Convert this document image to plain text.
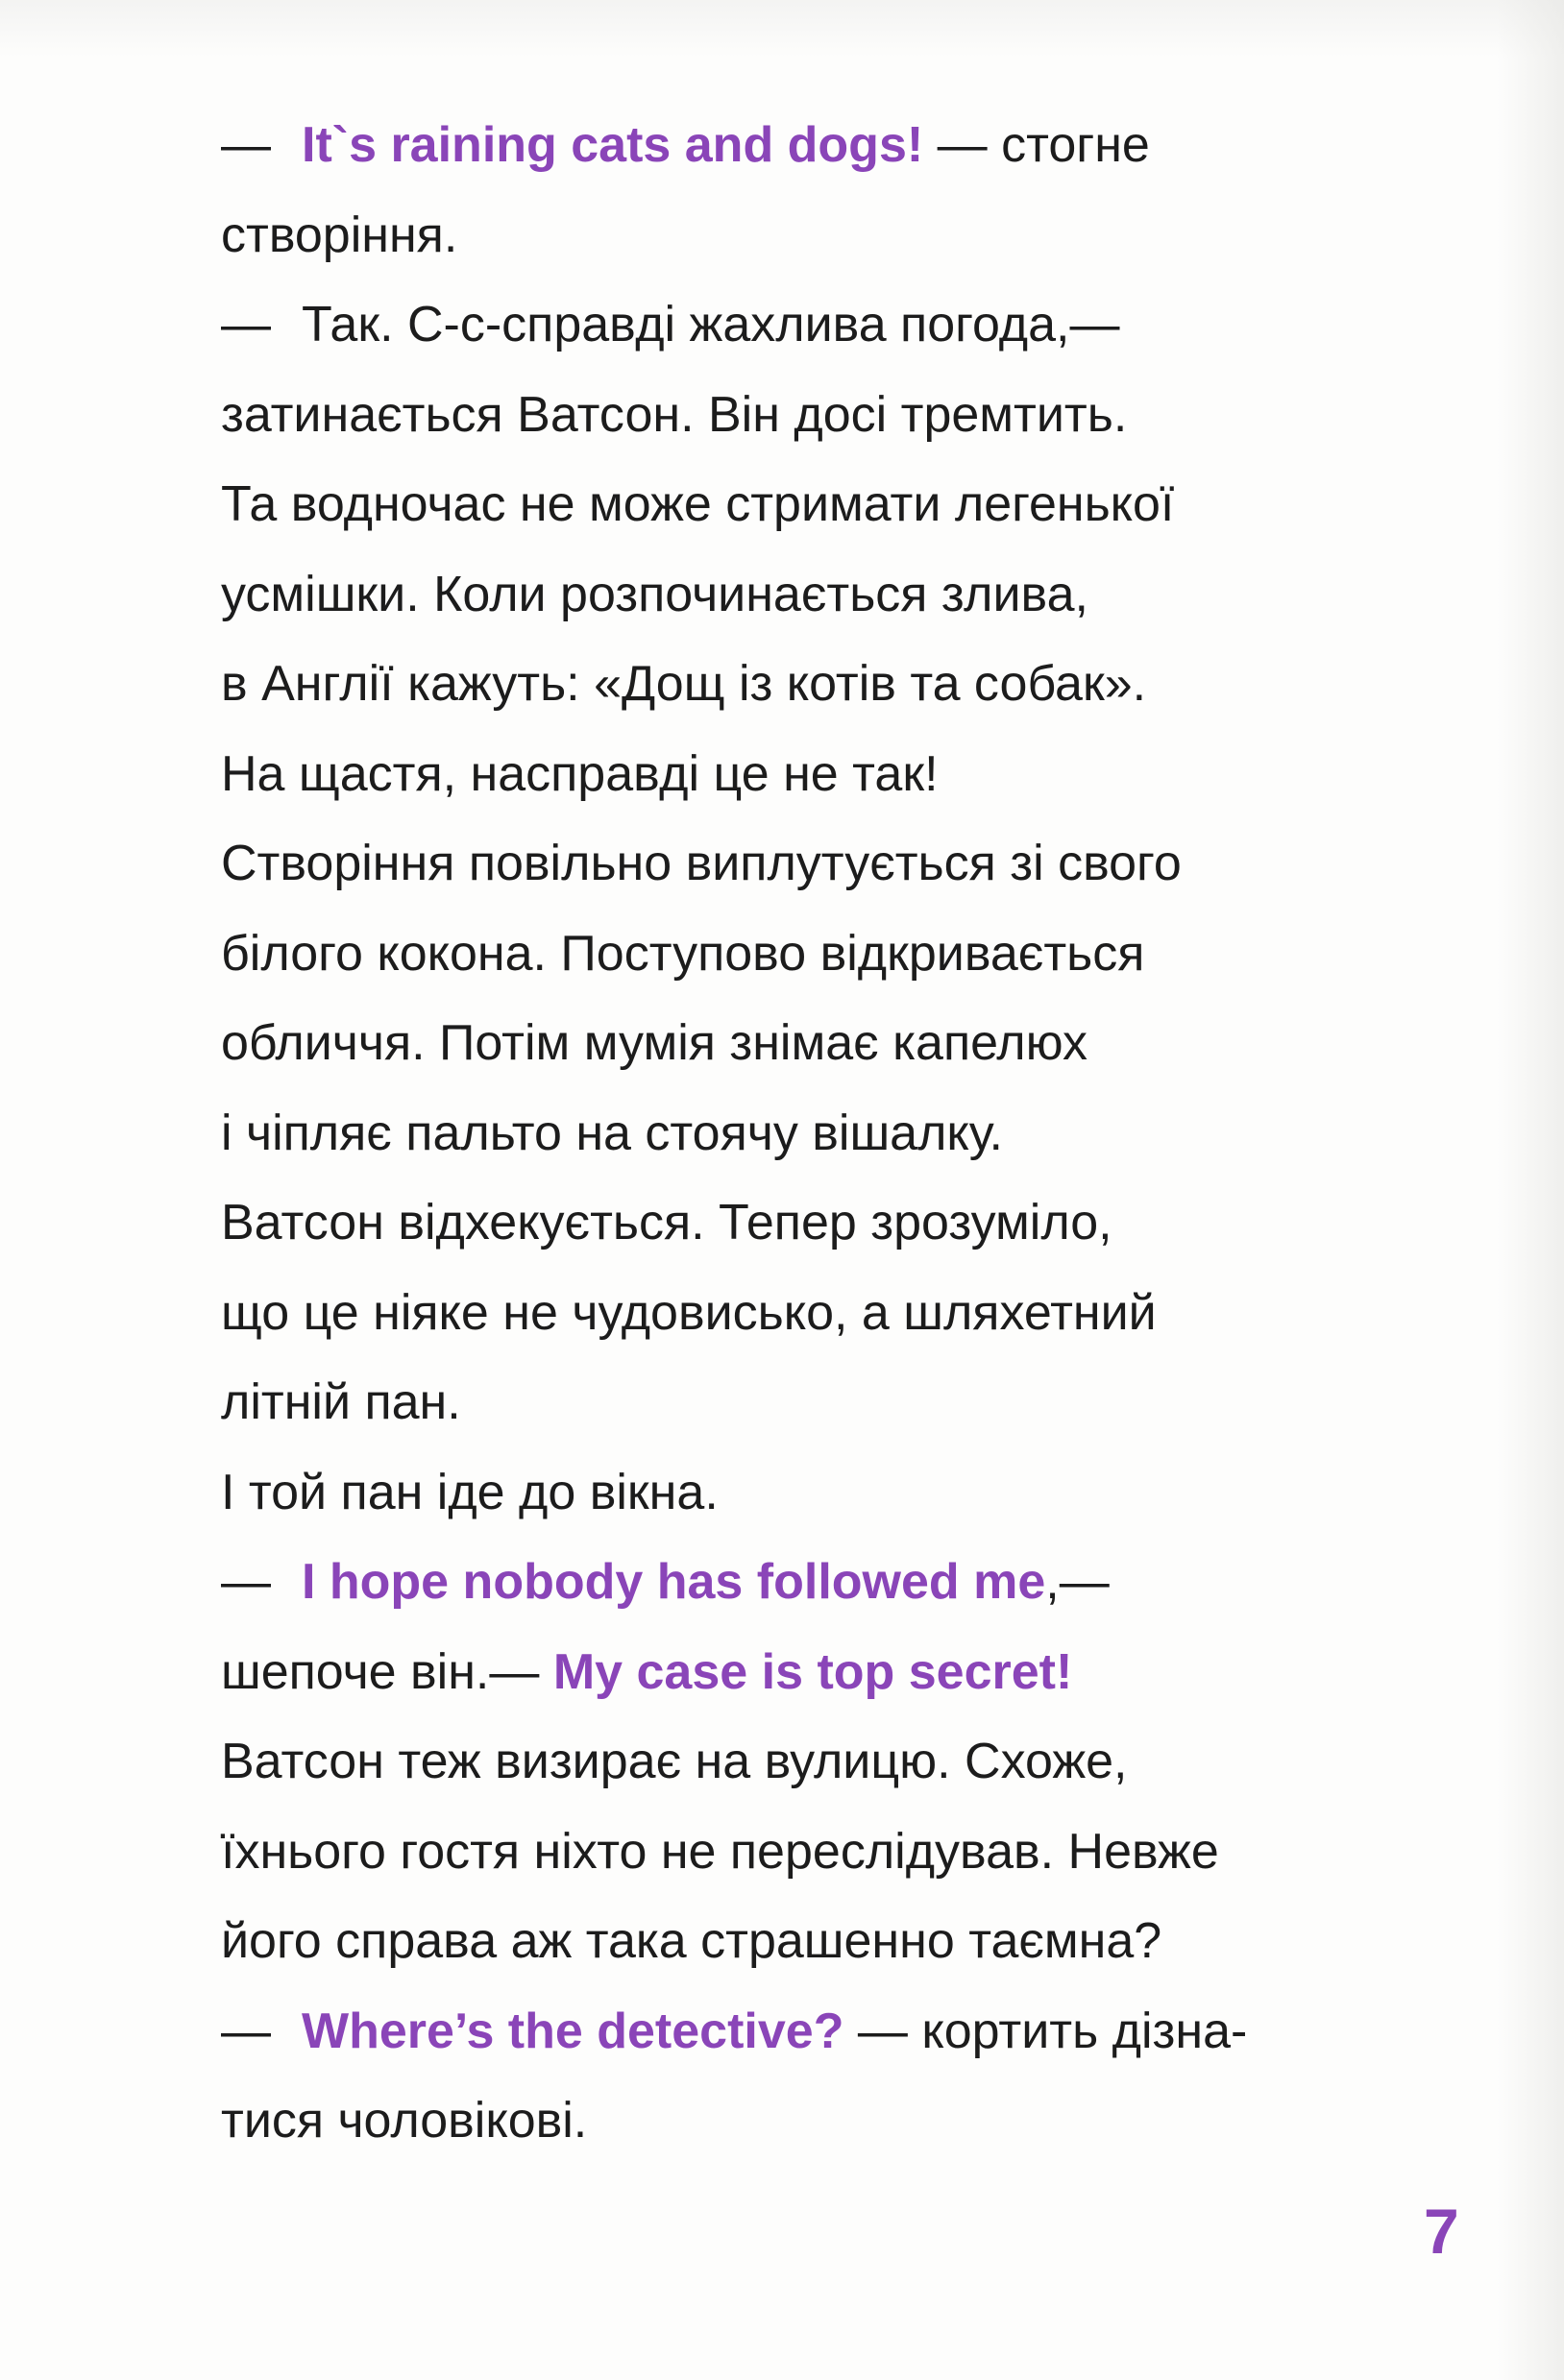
— It`s raining cats and dogs! — стогне
створіння.
— Так. С-с-справді жахлива погода,—
затинається Ватсон. Він досі тремтить.
Та водночас не може стримати легенької
усмішки. Коли розпочинається злива,
в Англії кажуть: «Дощ із котів та собак».
На щастя, насправді це не так!
Створіння повільно виплутується зі свого
білого кокона. Поступово відкривається
обличчя. Потім мумія знімає капелюх
і чіпляє пальто на стоячу вішалку.
Ватсон відхекується. Тепер зрозуміло,
що це ніяке не чудовисько, а шляхетний
літній пан.
І той пан іде до вікна.
— I hope nobody has followed me,—
шепоче він.— My case is top secret!
Ватсон теж визирає на вулицю. Схоже,
їхнього гостя ніхто не переслідував. Невже
його справа аж така страшенно таємна?
— Where’s the detective? — кортить дізна-
тися чоловікові.
7
